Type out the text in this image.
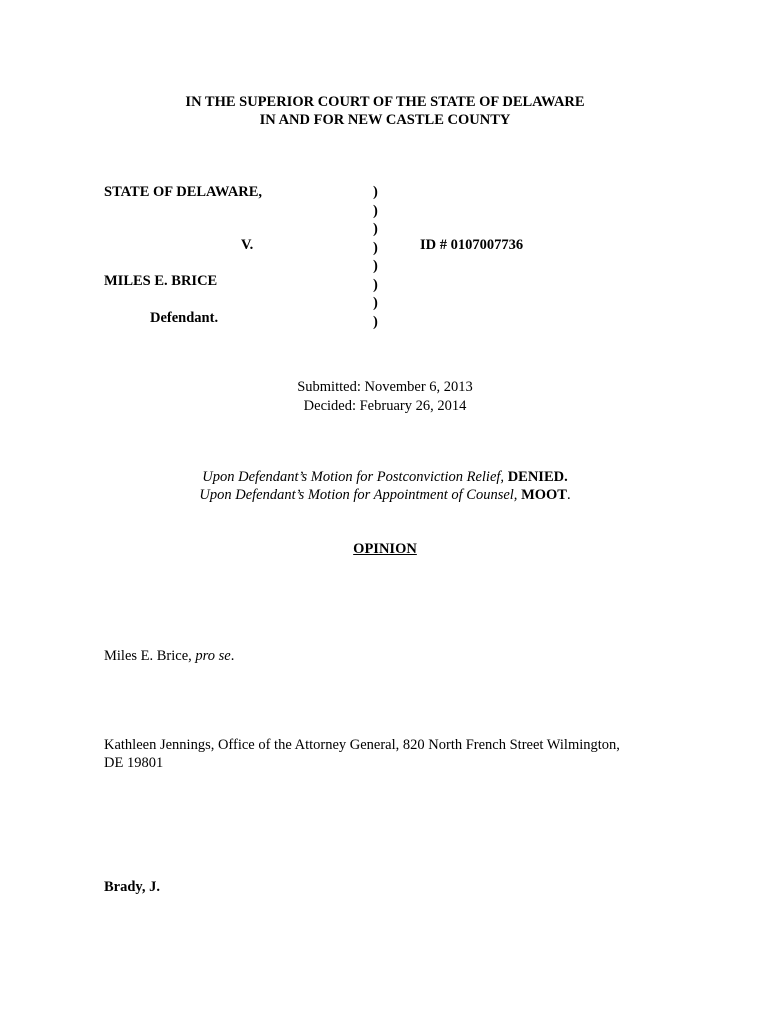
IN THE SUPERIOR COURT OF THE STATE OF DELAWARE
IN AND FOR NEW CASTLE COUNTY
STATE OF DELAWARE,
V.
MILES E. BRICE
Defendant.
ID # 0107007736
)
)
)
)
)
)
)
)
Submitted: November 6, 2013
Decided: February 26, 2014
Upon Defendant’s Motion for Postconviction Relief, DENIED.
Upon Defendant’s Motion for Appointment of Counsel, MOOT.
OPINION
Miles E. Brice, pro se.
Kathleen Jennings, Office of the Attorney General, 820 North French Street Wilmington,
DE 19801
Brady, J.
